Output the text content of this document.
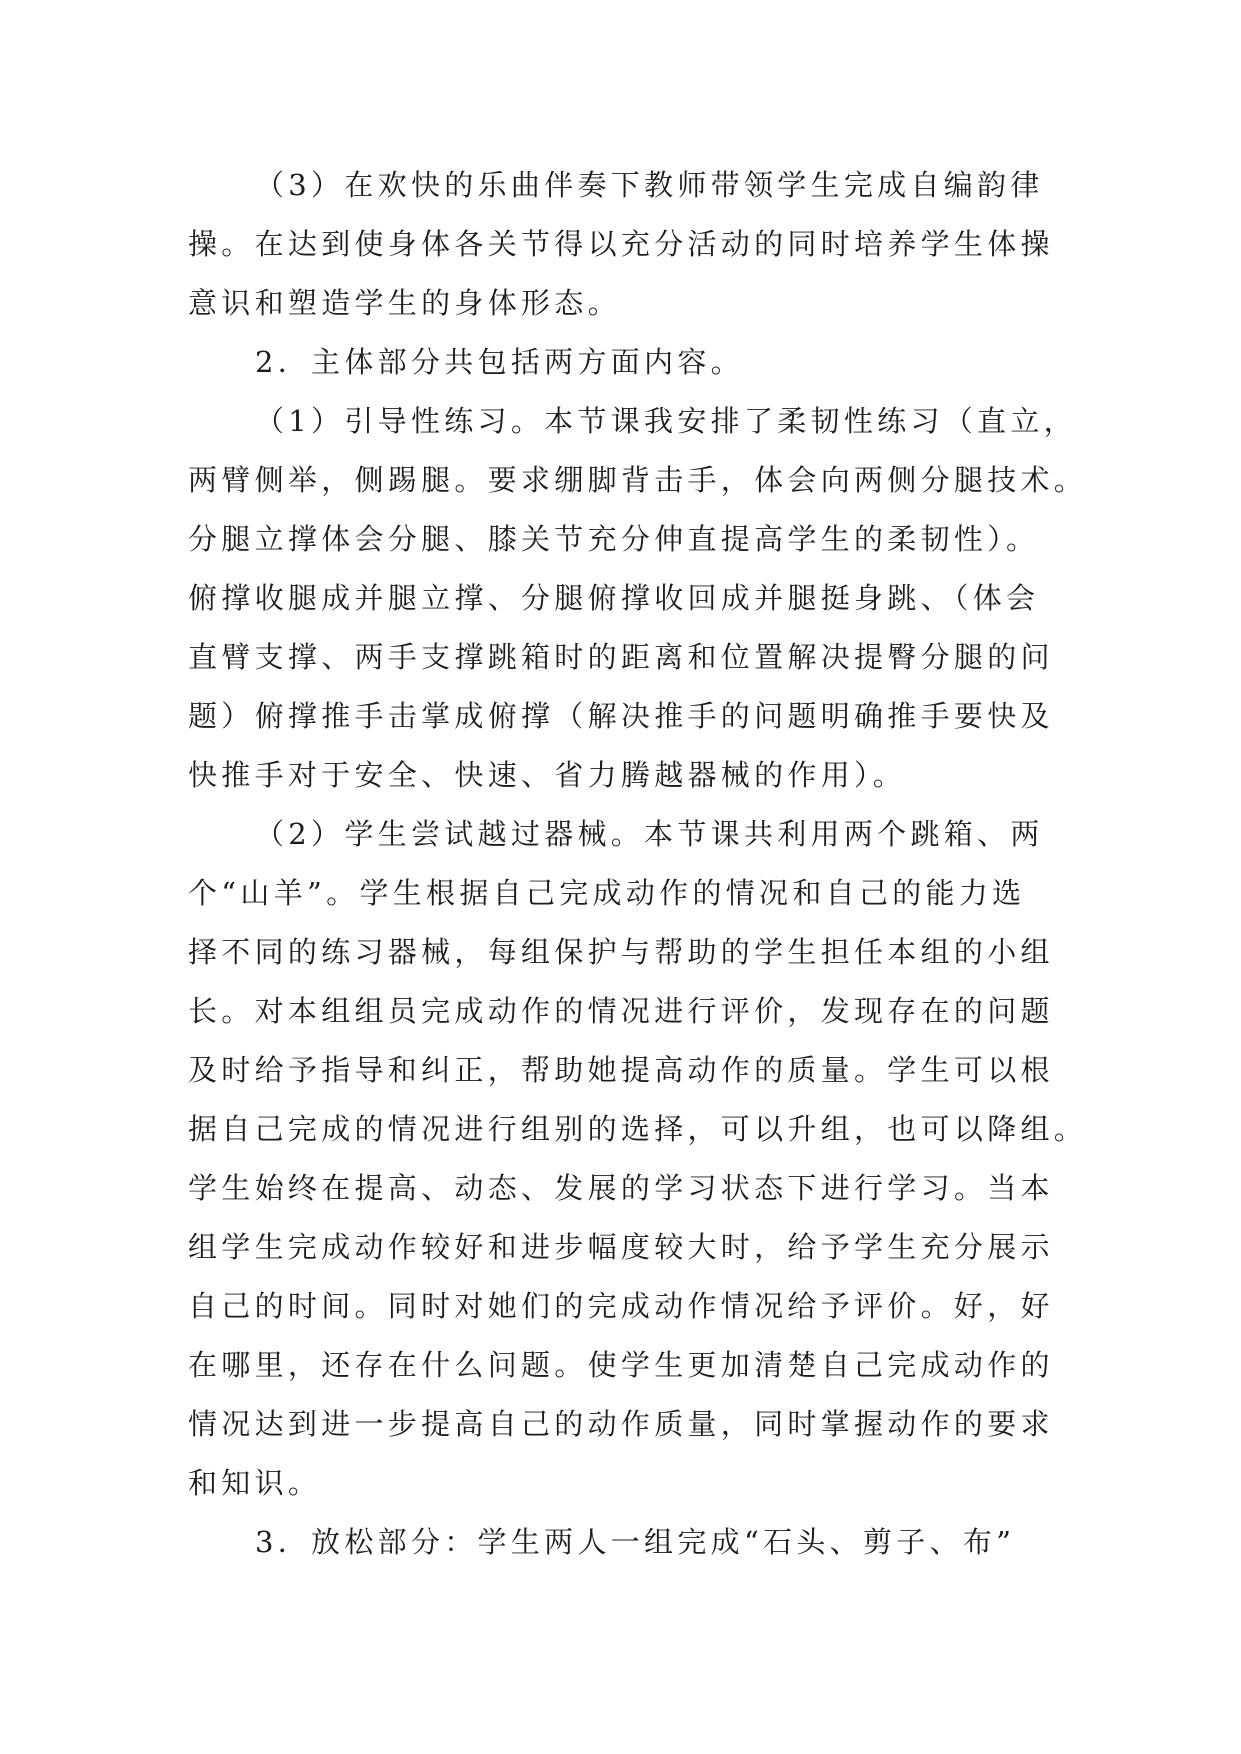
（3）在欢快的乐曲伴奏下教师带领学生完成自编韵律
操。在达到使身体各关节得以充分活动的同时培养学生体操
意识和塑造学生的身体形态。
2．主体部分共包括两方面内容。
（1）引导性练习。本节课我安排了柔韧性练习（直立，
两臂侧举，侧踢腿。要求绷脚背击手，体会向两侧分腿技术。
分腿立撑体会分腿、膝关节充分伸直提高学生的柔韧性）。
俯撑收腿成并腿立撑、分腿俯撑收回成并腿挺身跳、（体会
直臂支撑、两手支撑跳箱时的距离和位置解决提臀分腿的问
题）俯撑推手击掌成俯撑（解决推手的问题明确推手要快及
快推手对于安全、快速、省力腾越器械的作用）。
（2）学生尝试越过器械。本节课共利用两个跳箱、两
个“山羊”。学生根据自己完成动作的情况和自己的能力选
择不同的练习器械，每组保护与帮助的学生担任本组的小组
长。对本组组员完成动作的情况进行评价，发现存在的问题
及时给予指导和纠正，帮助她提高动作的质量。学生可以根
据自己完成的情况进行组别的选择，可以升组，也可以降组。
学生始终在提高、动态、发展的学习状态下进行学习。当本
组学生完成动作较好和进步幅度较大时，给予学生充分展示
自己的时间。同时对她们的完成动作情况给予评价。好，好
在哪里，还存在什么问题。使学生更加清楚自己完成动作的
情况达到进一步提高自己的动作质量，同时掌握动作的要求
和知识。
3．放松部分：学生两人一组完成“石头、剪子、布”
